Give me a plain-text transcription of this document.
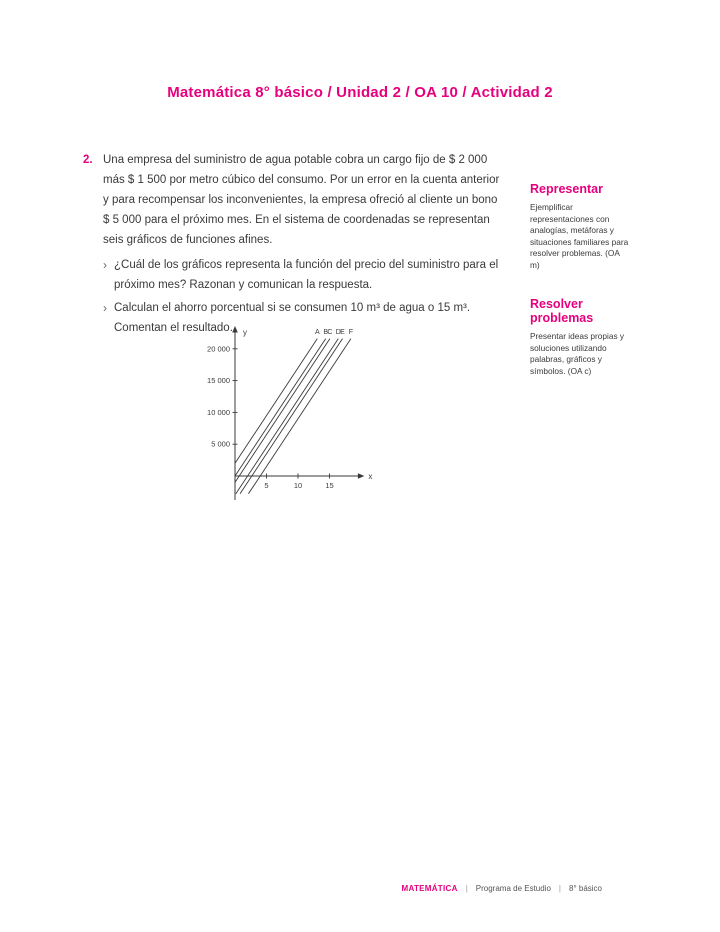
Matemática 8° básico / Unidad 2 / OA 10 / Actividad 2
2. Una empresa del suministro de agua potable cobra un cargo fijo de $ 2 000 más $ 1 500 por metro cúbico del consumo. Por un error en la cuenta anterior y para recompensar los inconvenientes, la empresa ofreció al cliente un bono $ 5 000 para el próximo mes. En el sistema de coordenadas se representan seis gráficos de funciones afines.
› ¿Cuál de los gráficos representa la función del precio del suministro para el próximo mes? Razonan y comunican la respuesta.
› Calculan el ahorro porcentual si se consumen 10 m³ de agua o 15 m³. Comentan el resultado.	y
x
5	10	15
5 000
10 000
15 000
20 000
A B C D E F
Representar
Ejemplificar representaciones con analogías, metáforas y situaciones familiares para resolver problemas. (OA m)
Resolver problemas
Presentar ideas propias y soluciones utilizando palabras, gráficos y símbolos. (OA c)
MATEMÁTICA | Programa de Estudio | 8° básico
